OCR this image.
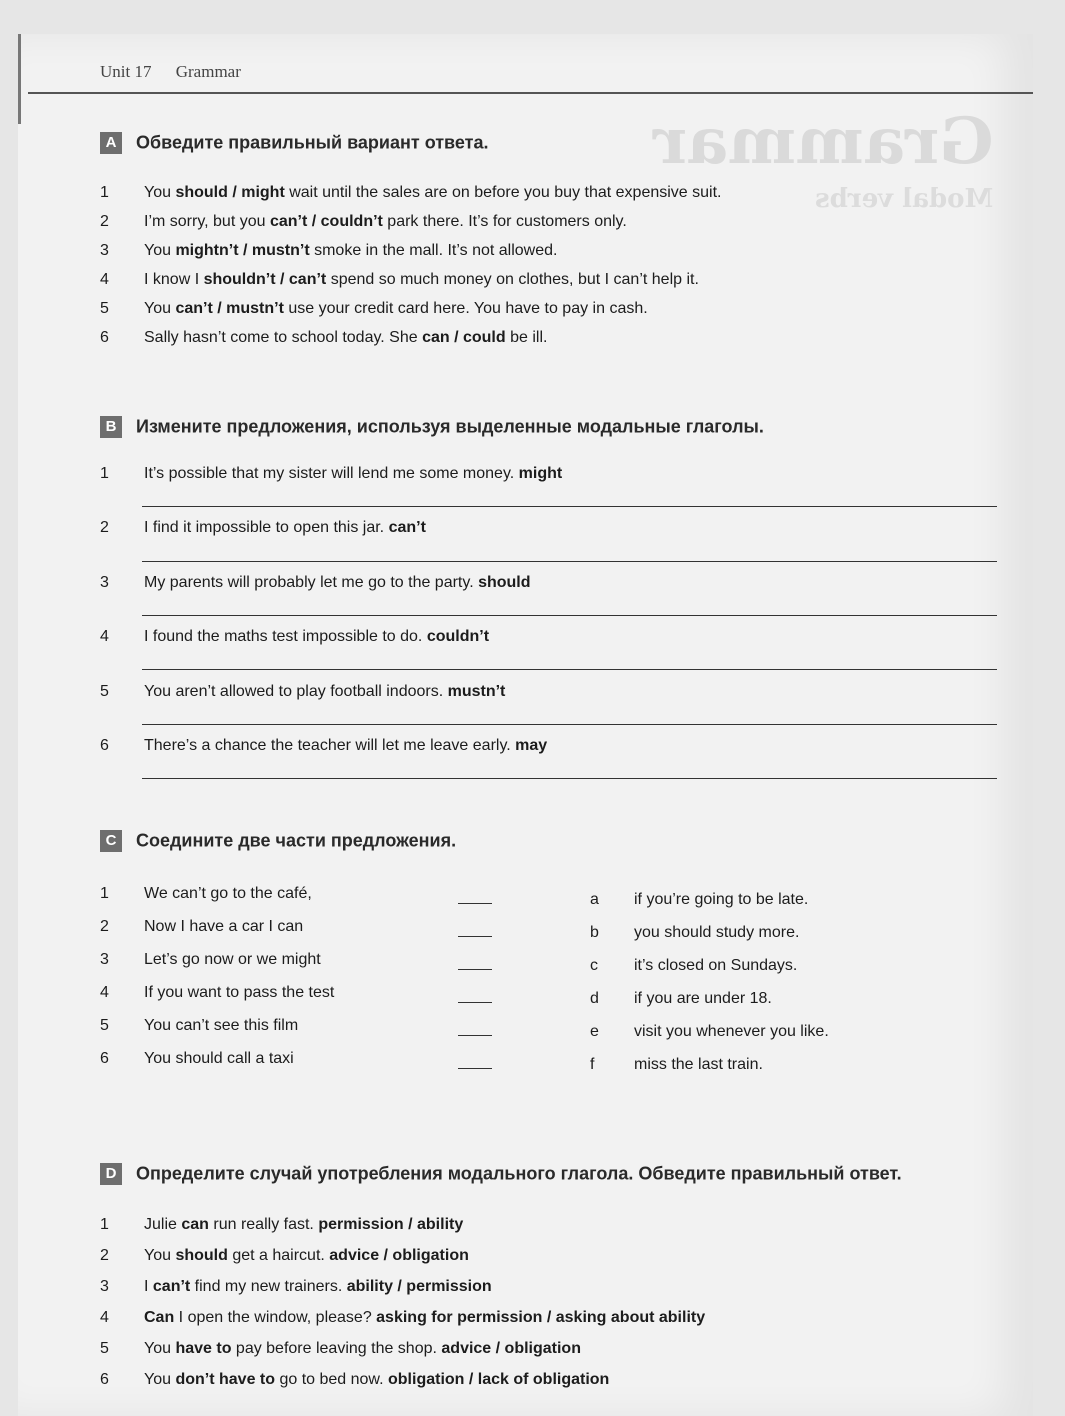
Grammar
Modal verbs
Unit 17 Grammar
A Обведите правильный вариант ответа.
1 You should / might wait until the sales are on before you buy that expensive suit.
2 I’m sorry, but you can’t / couldn’t park there. It’s for customers only.
3 You mightn’t / mustn’t smoke in the mall. It’s not allowed.
4 I know I shouldn’t / can’t spend so much money on clothes, but I can’t help it.
5 You can’t / mustn’t use your credit card here. You have to pay in cash.
6 Sally hasn’t come to school today. She can / could be ill.
B Измените предложения, используя выделенные модальные глаголы.
1 It’s possible that my sister will lend me some money. might
2 I find it impossible to open this jar. can’t
3 My parents will probably let me go to the party. should
4 I found the maths test impossible to do. couldn’t
5 You aren’t allowed to play football indoors. mustn’t
6 There’s a chance the teacher will let me leave early. may
C Соедините две части предложения.
1 We can’t go to the café,	a if you’re going to be late.
2 Now I have a car I can	b you should study more.
3 Let’s go now or we might	c it’s closed on Sundays.
4 If you want to pass the test	d if you are under 18.
5 You can’t see this film	e visit you whenever you like.
6 You should call a taxi	f miss the last train.
D Определите случай употребления модального глагола. Обведите правильный ответ.
1 Julie can run really fast. permission / ability
2 You should get a haircut. advice / obligation
3 I can’t find my new trainers. ability / permission
4 Can I open the window, please? asking for permission / asking about ability
5 You have to pay before leaving the shop. advice / obligation
6 You don’t have to go to bed now. obligation / lack of obligation
